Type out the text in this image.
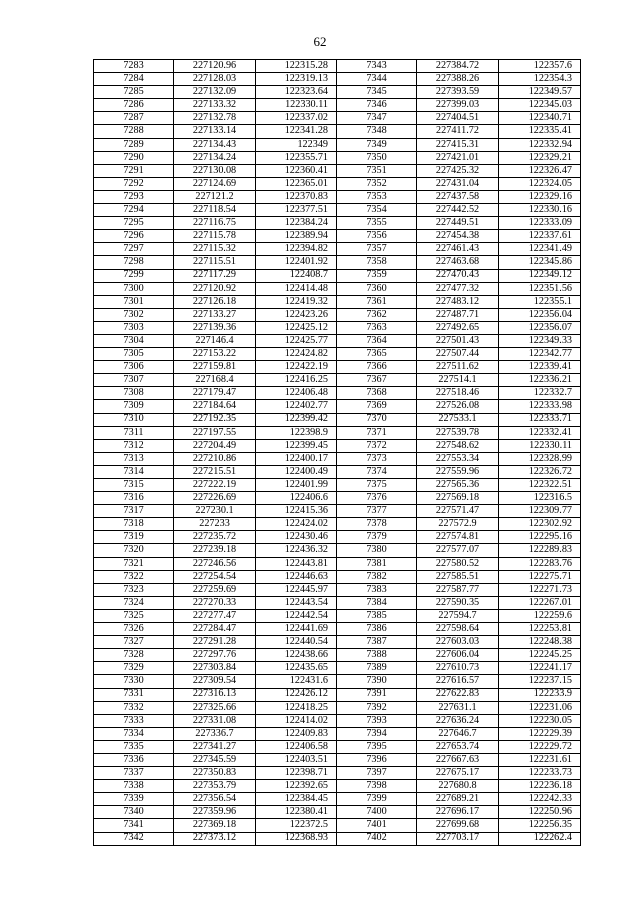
62
7283	227120.96	122315.28	7343	227384.72	122357.6
7284	227128.03	122319.13	7344	227388.26	122354.3
7285	227132.09	122323.64	7345	227393.59	122349.57
7286	227133.32	122330.11	7346	227399.03	122345.03
7287	227132.78	122337.02	7347	227404.51	122340.71
7288	227133.14	122341.28	7348	227411.72	122335.41
7289	227134.43	122349	7349	227415.31	122332.94
7290	227134.24	122355.71	7350	227421.01	122329.21
7291	227130.08	122360.41	7351	227425.32	122326.47
7292	227124.69	122365.01	7352	227431.04	122324.05
7293	227121.2	122370.83	7353	227437.58	122329.16
7294	227118.54	122377.51	7354	227442.52	122330.16
7295	227116.75	122384.24	7355	227449.51	122333.09
7296	227115.78	122389.94	7356	227454.38	122337.61
7297	227115.32	122394.82	7357	227461.43	122341.49
7298	227115.51	122401.92	7358	227463.68	122345.86
7299	227117.29	122408.7	7359	227470.43	122349.12
7300	227120.92	122414.48	7360	227477.32	122351.56
7301	227126.18	122419.32	7361	227483.12	122355.1
7302	227133.27	122423.26	7362	227487.71	122356.04
7303	227139.36	122425.12	7363	227492.65	122356.07
7304	227146.4	122425.77	7364	227501.43	122349.33
7305	227153.22	122424.82	7365	227507.44	122342.77
7306	227159.81	122422.19	7366	227511.62	122339.41
7307	227168.4	122416.25	7367	227514.1	122336.21
7308	227179.47	122406.48	7368	227518.46	122332.7
7309	227184.64	122402.77	7369	227526.08	122333.98
7310	227192.35	122399.42	7370	227533.1	122333.71
7311	227197.55	122398.9	7371	227539.78	122332.41
7312	227204.49	122399.45	7372	227548.62	122330.11
7313	227210.86	122400.17	7373	227553.34	122328.99
7314	227215.51	122400.49	7374	227559.96	122326.72
7315	227222.19	122401.99	7375	227565.36	122322.51
7316	227226.69	122406.6	7376	227569.18	122316.5
7317	227230.1	122415.36	7377	227571.47	122309.77
7318	227233	122424.02	7378	227572.9	122302.92
7319	227235.72	122430.46	7379	227574.81	122295.16
7320	227239.18	122436.32	7380	227577.07	122289.83
7321	227246.56	122443.81	7381	227580.52	122283.76
7322	227254.54	122446.63	7382	227585.51	122275.71
7323	227259.69	122445.97	7383	227587.77	122271.73
7324	227270.33	122443.54	7384	227590.35	122267.01
7325	227277.47	122442.54	7385	227594.7	122259.6
7326	227284.47	122441.69	7386	227598.64	122253.81
7327	227291.28	122440.54	7387	227603.03	122248.38
7328	227297.76	122438.66	7388	227606.04	122245.25
7329	227303.84	122435.65	7389	227610.73	122241.17
7330	227309.54	122431.6	7390	227616.57	122237.15
7331	227316.13	122426.12	7391	227622.83	122233.9
7332	227325.66	122418.25	7392	227631.1	122231.06
7333	227331.08	122414.02	7393	227636.24	122230.05
7334	227336.7	122409.83	7394	227646.7	122229.39
7335	227341.27	122406.58	7395	227653.74	122229.72
7336	227345.59	122403.51	7396	227667.63	122231.61
7337	227350.83	122398.71	7397	227675.17	122233.73
7338	227353.79	122392.65	7398	227680.8	122236.18
7339	227356.54	122384.45	7399	227689.21	122242.33
7340	227359.96	122380.41	7400	227696.17	122250.96
7341	227369.18	122372.5	7401	227699.68	122256.35
7342	227373.12	122368.93	7402	227703.17	122262.4
